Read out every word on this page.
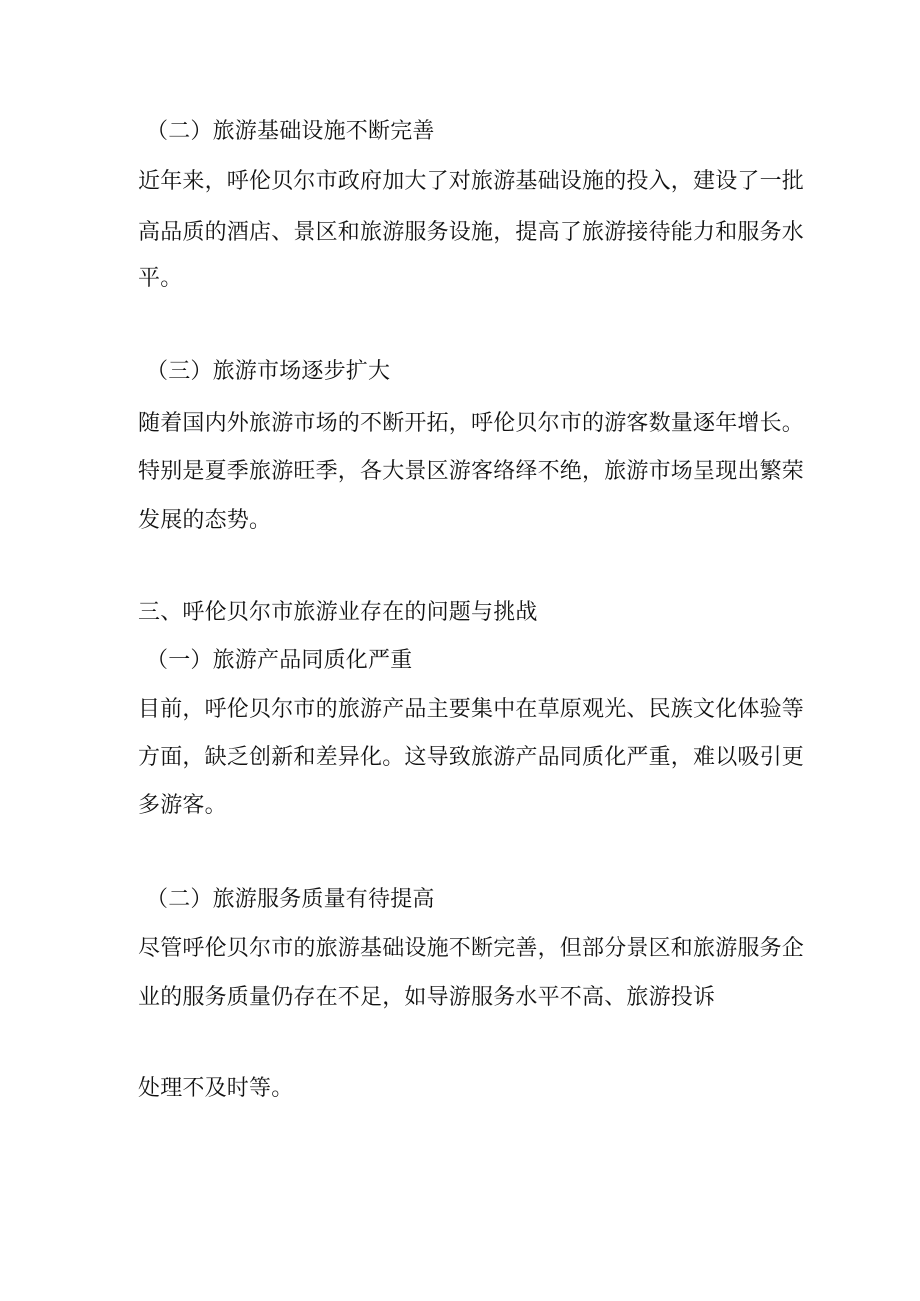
（二）旅游基础设施不断完善
近年来，呼伦贝尔市政府加大了对旅游基础设施的投入，建设了一批
高品质的酒店、景区和旅游服务设施，提高了旅游接待能力和服务水
平。
（三）旅游市场逐步扩大
随着国内外旅游市场的不断开拓，呼伦贝尔市的游客数量逐年增长。
特别是夏季旅游旺季，各大景区游客络绎不绝，旅游市场呈现出繁荣
发展的态势。
三、呼伦贝尔市旅游业存在的问题与挑战
（一）旅游产品同质化严重
目前，呼伦贝尔市的旅游产品主要集中在草原观光、民族文化体验等
方面，缺乏创新和差异化。这导致旅游产品同质化严重，难以吸引更
多游客。
（二）旅游服务质量有待提高
尽管呼伦贝尔市的旅游基础设施不断完善，但部分景区和旅游服务企
业的服务质量仍存在不足，如导游服务水平不高、旅游投诉
处理不及时等。
